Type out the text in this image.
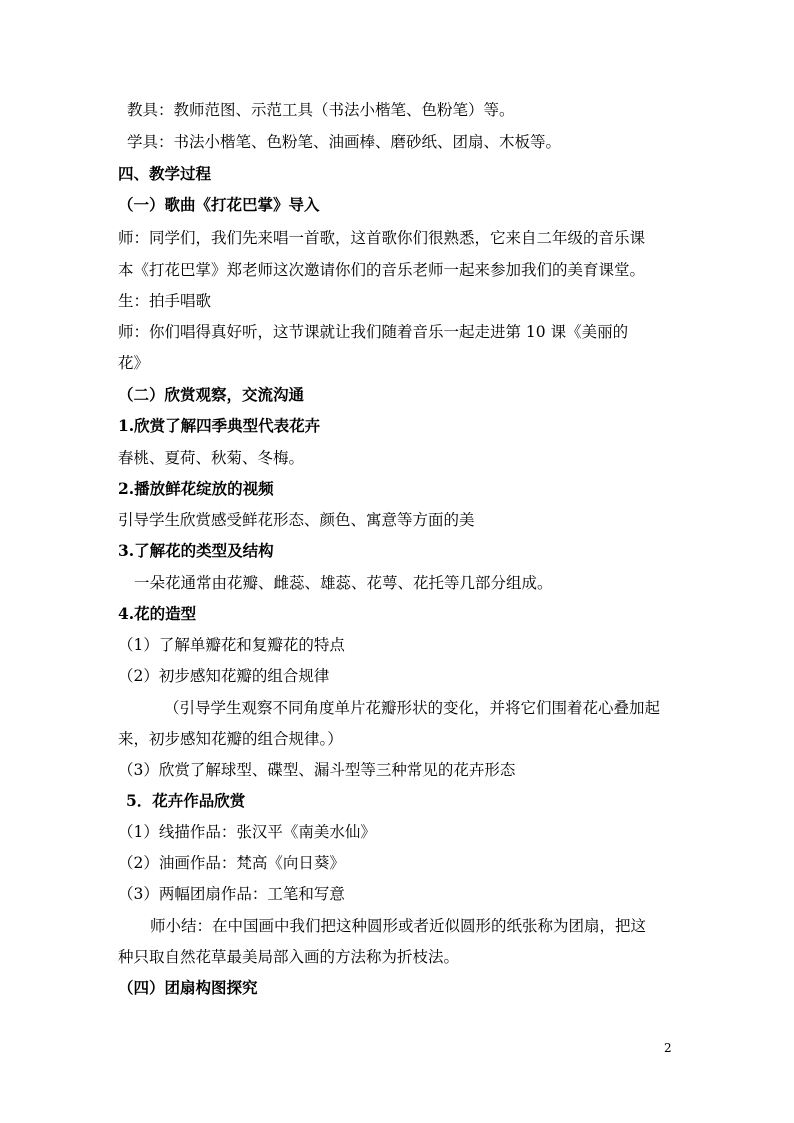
教具：教师范图、示范工具（书法小楷笔、色粉笔）等。
学具：书法小楷笔、色粉笔、油画棒、磨砂纸、团扇、木板等。
四、教学过程
（一）歌曲《打花巴掌》导入
师：同学们，我们先来唱一首歌，这首歌你们很熟悉，它来自二年级的音乐课
本《打花巴掌》郑老师这次邀请你们的音乐老师一起来参加我们的美育课堂。
生：拍手唱歌
师：你们唱得真好听，这节课就让我们随着音乐一起走进第 10 课《美丽的
花》
（二）欣赏观察，交流沟通
1.欣赏了解四季典型代表花卉
春桃、夏荷、秋菊、冬梅。
2.播放鲜花绽放的视频
引导学生欣赏感受鲜花形态、颜色、寓意等方面的美
3.了解花的类型及结构
一朵花通常由花瓣、雌蕊、雄蕊、花萼、花托等几部分组成。
4.花的造型
（1）了解单瓣花和复瓣花的特点
（2）初步感知花瓣的组合规律
（引导学生观察不同角度单片花瓣形状的变化，并将它们围着花心叠加起
来，初步感知花瓣的组合规律。）
（3）欣赏了解球型、碟型、漏斗型等三种常见的花卉形态
5．花卉作品欣赏
（1）线描作品：张汉平《南美水仙》
（2）油画作品：梵高《向日葵》
（3）两幅团扇作品：工笔和写意
师小结：在中国画中我们把这种圆形或者近似圆形的纸张称为团扇，把这
种只取自然花草最美局部入画的方法称为折枝法。
（四）团扇构图探究
2
